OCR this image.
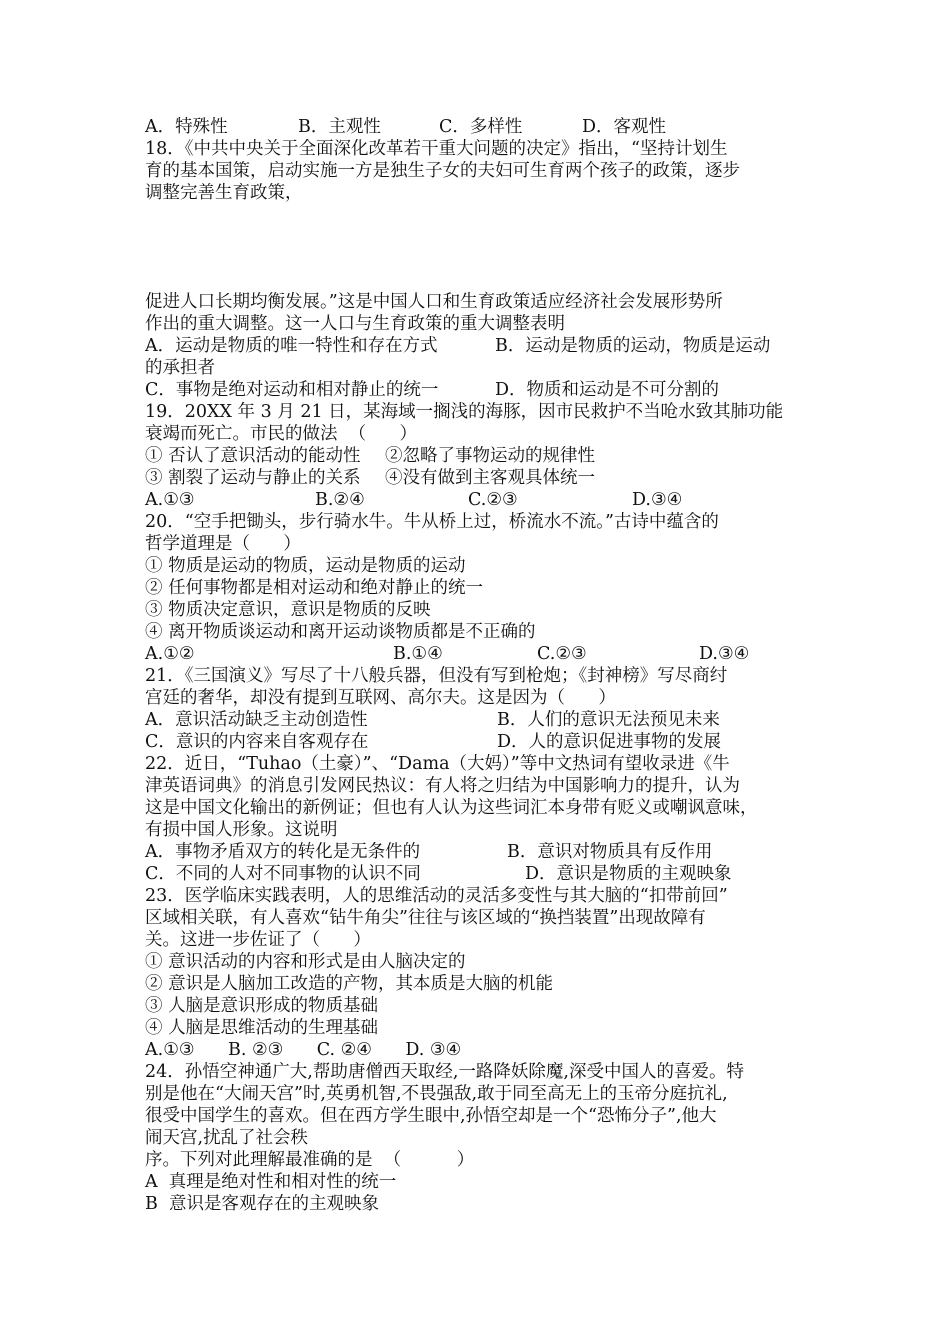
A．特殊性

	B．主观性

	C．多样性

	D．客观性

18．《中共中央关于全面深化改革若干重大问题的决定》指出，“坚持计划生
育的基本国策，启动实施一方是独生子女的夫妇可生育两个孩子的政策，逐步
调整完善生育政策，
促进人口长期均衡发展。”这是中国人口和生育政策适应经济社会发展形势所
作出的重大调整。这一人口与生育政策的重大调整表明

A．运动是物质的唯一特性和存在方式

	B．运动是物质的运动，物质是运动

的承担者

C．事物是绝对运动和相对静止的统一

	D．物质和运动是不可分割的

19．20XX 年 3 月 21 日，某海域一搁浅的海豚，因市民救护不当呛水致其肺功能
衰竭而死亡。市民的做法  （      ）

① 否认了意识活动的能动性

②忽略了事物运动的规律性

③ 割裂了运动与静止的关系

④没有做到主客观具体统一

A.①③

	B.②④

	C.②③

	D.③④

20．“空手把锄头，步行骑水牛。牛从桥上过，桥流水不流。”古诗中蕴含的
哲学道理是（      ）
① 物质是运动的物质，运动是物质的运动
② 任何事物都是相对运动和绝对静止的统一
③ 物质决定意识，意识是物质的反映
④ 离开物质谈运动和离开运动谈物质都是不正确的

A.①②

	B.①④

	C.②③

	D.③④

21．《三国演义》写尽了十八般兵器，但没有写到枪炮；《封神榜》写尽商纣
宫廷的奢华，却没有提到互联网、高尔夫。这是因为（      ）

A．意识活动缺乏主动创造性

	B．人们的意识无法预见未来

C．意识的内容来自客观存在

	D．人的意识促进事物的发展

22．近日，“Tuhao（土豪）”、“Dama（大妈）”等中文热词有望收录进《牛
津英语词典》的消息引发网民热议：有人将之归结为中国影响力的提升，认为
这是中国文化输出的新例证；但也有人认为这些词汇本身带有贬义或嘲讽意味，
有损中国人形象。这说明

A．事物矛盾双方的转化是无条件的

	B．意识对物质具有反作用

C．不同的人对不同事物的认识不同

	D．意识是物质的主观映象

23．医学临床实践表明，人的思维活动的灵活多变性与其大脑的“扣带前回”
区域相关联，有人喜欢“钻牛角尖”往往与该区域的“换挡装置”出现故障有
关。这进一步佐证了（      ）
① 意识活动的内容和形式是由人脑决定的
② 意识是人脑加工改造的产物，其本质是大脑的机能
③ 人脑是意识形成的物质基础
④ 人脑是思维活动的生理基础
A.①③      B. ②③      C. ②④      D. ③④
24．孙悟空神通广大,帮助唐僧西天取经,一路降妖除魔,深受中国人的喜爱。特
别是他在“大闹天宫”时,英勇机智,不畏强敌,敢于同至高无上的玉帝分庭抗礼,
很受中国学生的喜欢。但在西方学生眼中,孙悟空却是一个“恐怖分子”,他大
闹天宫,扰乱了社会秩
序。下列对此理解最准确的是  （          ）
A  真理是绝对性和相对性的统一
B  意识是客观存在的主观映象
